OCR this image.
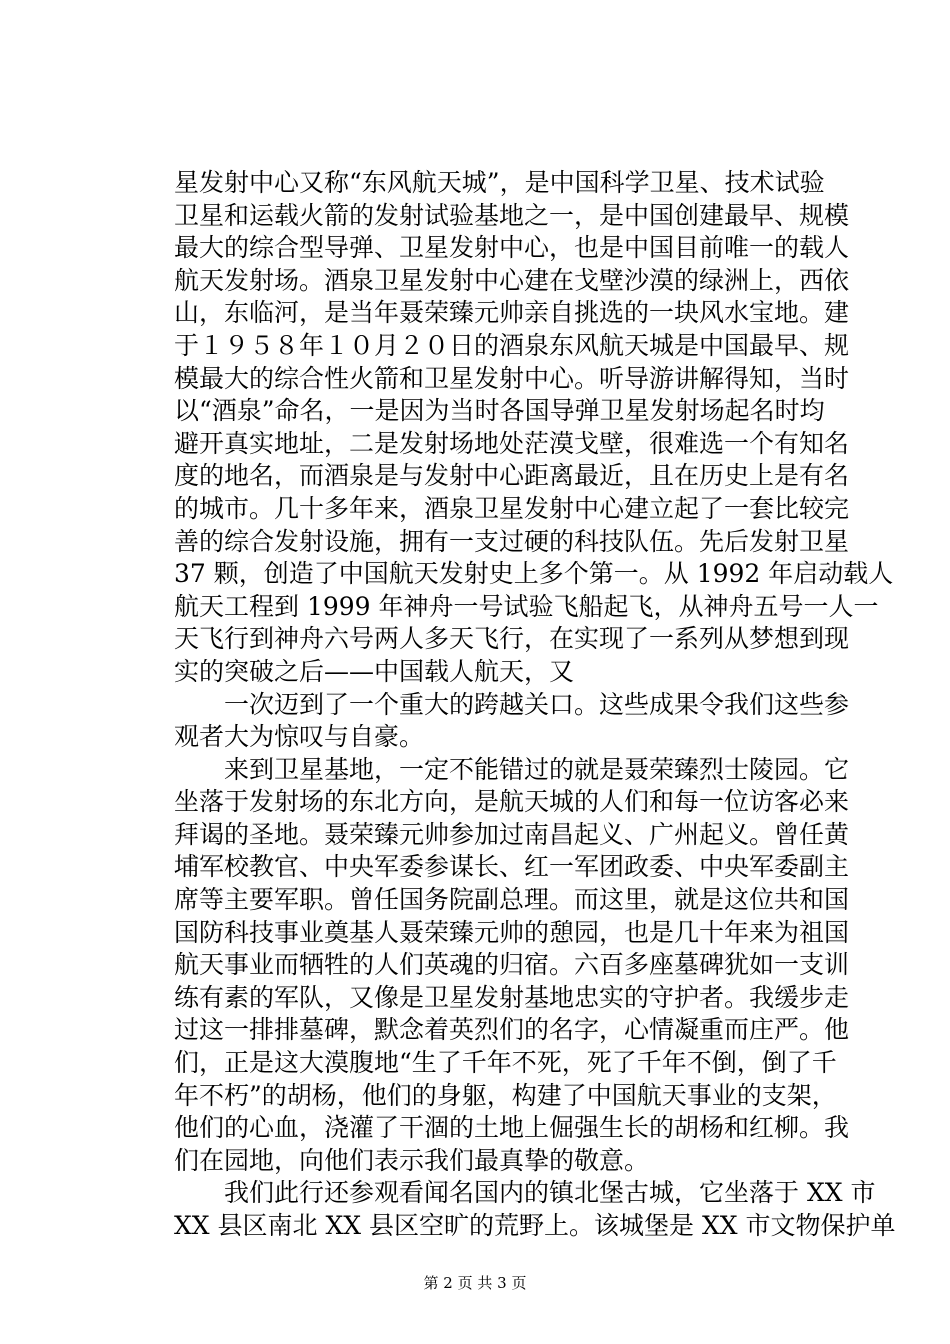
星发射中心又称“东风航天城”，是中国科学卫星、技术试验
卫星和运载火箭的发射试验基地之一，是中国创建最早、规模
最大的综合型导弹、卫星发射中心，也是中国目前唯一的载人
航天发射场。酒泉卫星发射中心建在戈壁沙漠的绿洲上，西依
山，东临河，是当年聂荣臻元帅亲自挑选的一块风水宝地。建
于１９５８年１０月２０日的酒泉东风航天城是中国最早、规
模最大的综合性火箭和卫星发射中心。听导游讲解得知，当时
以“酒泉”命名，一是因为当时各国导弹卫星发射场起名时均
避开真实地址，二是发射场地处茫漠戈壁，很难选一个有知名
度的地名，而酒泉是与发射中心距离最近，且在历史上是有名
的城市。几十多年来，酒泉卫星发射中心建立起了一套比较完
善的综合发射设施，拥有一支过硬的科技队伍。先后发射卫星
37 颗，创造了中国航天发射史上多个第一。从 1992 年启动载人
航天工程到 1999 年神舟一号试验飞船起飞，从神舟五号一人一
天飞行到神舟六号两人多天飞行，在实现了一系列从梦想到现
实的突破之后——中国载人航天，又
　　一次迈到了一个重大的跨越关口。这些成果令我们这些参
观者大为惊叹与自豪。
　　来到卫星基地，一定不能错过的就是聂荣臻烈士陵园。它
坐落于发射场的东北方向，是航天城的人们和每一位访客必来
拜谒的圣地。聂荣臻元帅参加过南昌起义、广州起义。曾任黄
埔军校教官、中央军委参谋长、红一军团政委、中央军委副主
席等主要军职。曾任国务院副总理。而这里，就是这位共和国
国防科技事业奠基人聂荣臻元帅的憩园，也是几十年来为祖国
航天事业而牺牲的人们英魂的归宿。六百多座墓碑犹如一支训
练有素的军队，又像是卫星发射基地忠实的守护者。我缓步走
过这一排排墓碑，默念着英烈们的名字，心情凝重而庄严。他
们，正是这大漠腹地“生了千年不死，死了千年不倒，倒了千
年不朽”的胡杨，他们的身躯，构建了中国航天事业的支架，
他们的心血，浇灌了干涸的土地上倔强生长的胡杨和红柳。我
们在园地，向他们表示我们最真挚的敬意。
　　我们此行还参观看闻名国内的镇北堡古城，它坐落于 XX 市
XX 县区南北 XX 县区空旷的荒野上。该城堡是 XX 市文物保护单
第 2 页 共 3 页
